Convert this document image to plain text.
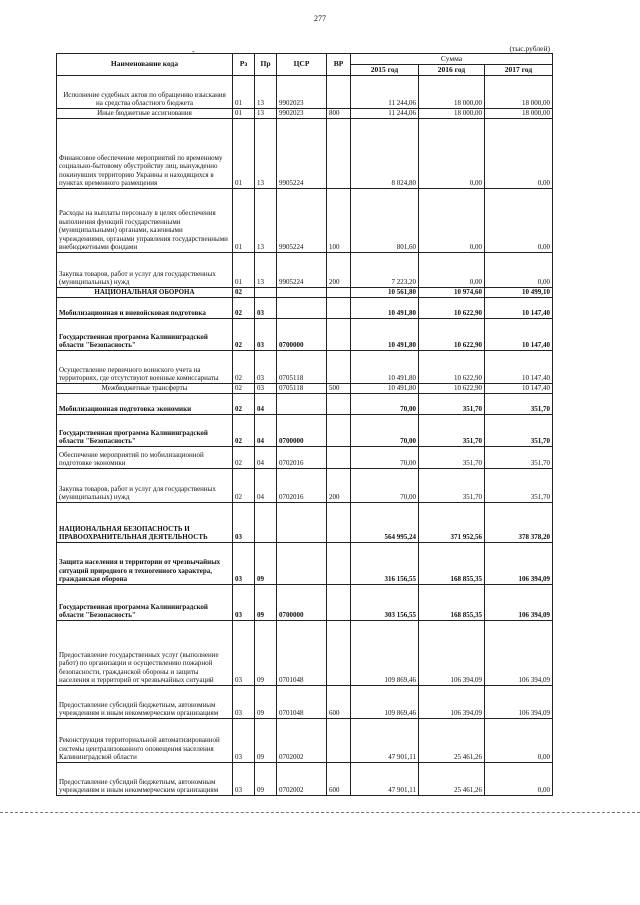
277
-	(тыс.рублей)
Наименование кода	Рз	Пр	ЦСР	ВР	Сумма		
					2015 год	2016 год	2017 год
Исполнение судебных актов по обращению взыскания на средства областного бюджета	01	13	9902023		11 244,06	18 000,00	18 000,00
Иные бюджетные ассигнования	01	13	9902023	800	11 244,06	18 000,00	18 000,00
Финансовое обеспечение мероприятий по временному социально-бытовому обустройству лиц, вынужденно покинувших территорию Украины и находящихся в пунктах временного размещения	01	13	9905224		8 024,80	0,00	0,00
Расходы на выплаты персоналу в целях обеспечения выполнения функций государственными (муниципальными) органами, казенными учреждениями, органами управления государственными внебюджетными фондами	01	13	9905224	100	801,60	0,00	0,00
Закупка товаров, работ и услуг для государственных (муниципальных) нужд	01	13	9905224	200	7 223,20	0,00	0,00
НАЦИОНАЛЬНАЯ ОБОРОНА	02				10 561,80	10 974,60	10 499,10
Мобилизационная и вневойсковая подготовка	02	03			10 491,80	10 622,90	10 147,40
Государственная программа Калининградской области "Безопасность"	02	03	0700000		10 491,80	10 622,90	10 147,40
Осуществление первичного воинского учета на территориях, где отсутствуют военные комиссариаты	02	03	0705118		10 491,80	10 622,90	10 147,40
Межбюджетные трансферты	02	03	0705118	500	10 491,80	10 622,90	10 147,40
Мобилизационная подготовка экономики	02	04			70,00	351,70	351,70
Государственная программа Калининградской области "Безопасность"	02	04	0700000		70,00	351,70	351,70
Обеспечение мероприятий по мобилизационной подготовке экономики	02	04	0702016		70,00	351,70	351,70
Закупка товаров, работ и услуг для государственных (муниципальных) нужд	02	04	0702016	200	70,00	351,70	351,70
НАЦИОНАЛЬНАЯ БЕЗОПАСНОСТЬ И ПРАВООХРАНИТЕЛЬНАЯ ДЕЯТЕЛЬНОСТЬ	03				564 995,24	371 952,56	378 378,20
Защита населения и территории от чрезвычайных ситуаций природного и техногенного характера, гражданская оборона	03	09			316 156,55	168 855,35	106 394,09
Государственная программа Калининградской области "Безопасность"	03	09	0700000		303 156,55	168 855,35	106 394,09
Предоставление государственных услуг (выполнение работ) по организации и осуществлению пожарной безопасности, гражданской обороны и защиты населения и территорий от чрезвычайных ситуаций	03	09	0701048		109 869,46	106 394,09	106 394,09
Предоставление субсидий бюджетным, автономным учреждениям и иным некоммерческим организациям	03	09	0701048	600	109 869,46	106 394,09	106 394,09
Реконструкция территориальной автоматизированной системы централизованного оповещения населения Калининградской области	03	09	0702002		47 901,11	25 461,26	0,00
Предоставление субсидий бюджетным, автономным учреждениям и иным некоммерческим организациям	03	09	0702002	600	47 901,11	25 461,26	0,00
